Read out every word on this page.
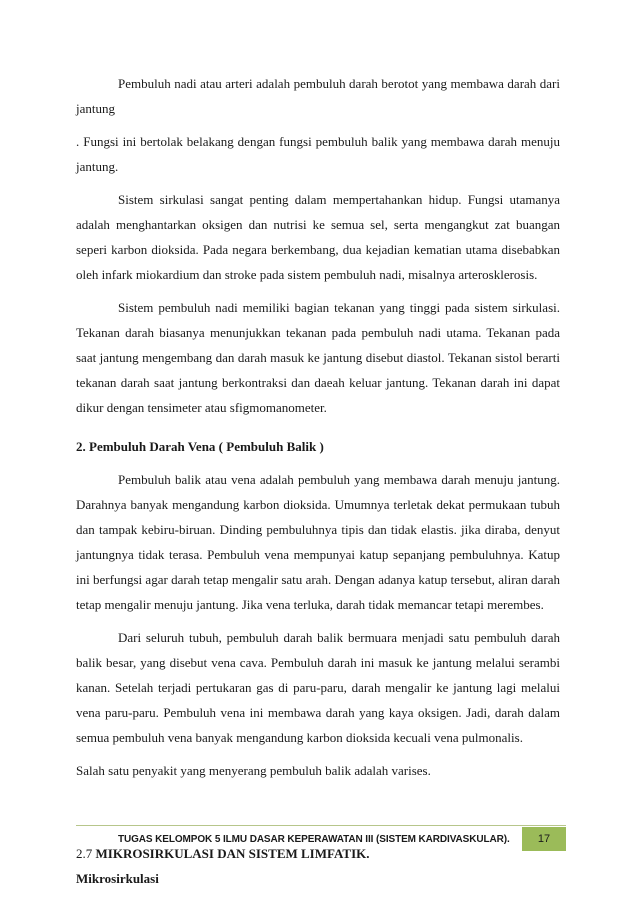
Pembuluh nadi atau arteri adalah pembuluh darah berotot yang membawa darah dari jantung

. Fungsi ini bertolak belakang dengan fungsi pembuluh balik yang membawa darah menuju jantung.

Sistem sirkulasi sangat penting dalam mempertahankan hidup. Fungsi utamanya adalah menghantarkan oksigen dan nutrisi ke semua sel, serta mengangkut zat buangan seperi karbon dioksida. Pada negara berkembang, dua kejadian kematian utama disebabkan oleh infark miokardium dan stroke pada sistem pembuluh nadi, misalnya arterosklerosis.

Sistem pembuluh nadi memiliki bagian tekanan yang tinggi pada sistem sirkulasi. Tekanan darah biasanya menunjukkan tekanan pada pembuluh nadi utama. Tekanan pada saat jantung mengembang dan darah masuk ke jantung disebut diastol. Tekanan sistol berarti tekanan darah saat jantung berkontraksi dan daeah keluar jantung. Tekanan darah ini dapat dikur dengan tensimeter atau sfigmomanometer.

2. Pembuluh Darah Vena ( Pembuluh Balik )

Pembuluh balik atau vena adalah pembuluh yang membawa darah menuju jantung. Darahnya banyak mengandung karbon dioksida. Umumnya terletak dekat permukaan tubuh dan tampak kebiru-biruan. Dinding pembuluhnya tipis dan tidak elastis. jika diraba, denyut jantungnya tidak terasa. Pembuluh vena mempunyai katup sepanjang pembuluhnya. Katup ini berfungsi agar darah tetap mengalir satu arah. Dengan adanya katup tersebut, aliran darah tetap mengalir menuju jantung. Jika vena terluka, darah tidak memancar tetapi merembes.

Dari seluruh tubuh, pembuluh darah balik bermuara menjadi satu pembuluh darah balik besar, yang disebut vena cava. Pembuluh darah ini masuk ke jantung melalui serambi kanan. Setelah terjadi pertukaran gas di paru-paru, darah mengalir ke jantung lagi melalui vena paru-paru. Pembuluh vena ini membawa darah yang kaya oksigen. Jadi, darah dalam semua pembuluh vena banyak mengandung karbon dioksida kecuali vena pulmonalis.

Salah satu penyakit yang menyerang pembuluh balik adalah varises.

2.7 MIKROSIRKULASI DAN SISTEM LIMFATIK.
Mikrosirkulasi
TUGAS KELOMPOK 5 ILMU DASAR KEPERAWATAN III (SISTEM KARDIVASKULAR).	17
